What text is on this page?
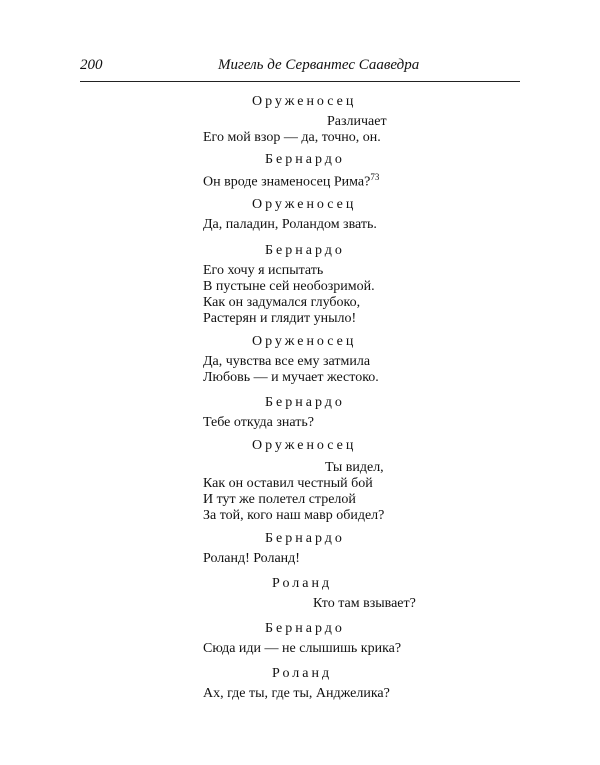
200	Мигель де Сервантес Сааведра
Оруженосец
Различает
Его мой взор — да, точно, он.
Бернардо
Он вроде знаменосец Рима?$^{73}$
Оруженосец
Да, паладин, Роландом звать.
Бернардо
Его хочу я испытать
В пустыне сей необозримой.
Как он задумался глубоко,
Растерян и глядит уныло!
Оруженосец
Да, чувства все ему затмила
Любовь — и мучает жестоко.
Бернардо
Тебе откуда знать?
Оруженосец
Ты видел,
Как он оставил честный бой
И тут же полетел стрелой
За той, кого наш мавр обидел?
Бернардо
Роланд! Роланд!
Роланд
Кто там взывает?
Бернардо
Сюда иди — не слышишь крика?
Роланд
Ах, где ты, где ты, Анджелика?
